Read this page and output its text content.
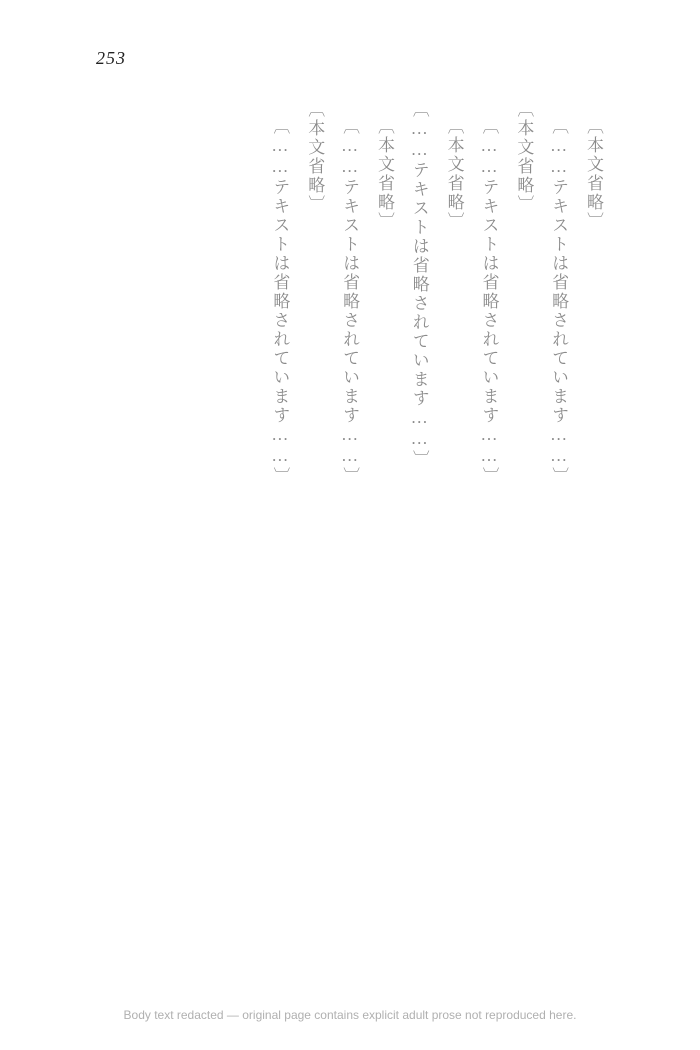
253

〔本文省略〕

〔……テキストは省略されています……〕

〔本文省略〕

〔……テキストは省略されています……〕

〔本文省略〕

〔……テキストは省略されています……〕

〔本文省略〕

〔……テキストは省略されています……〕

〔本文省略〕

〔……テキストは省略されています……〕

Body text redacted — original page contains explicit adult prose not reproduced here.
